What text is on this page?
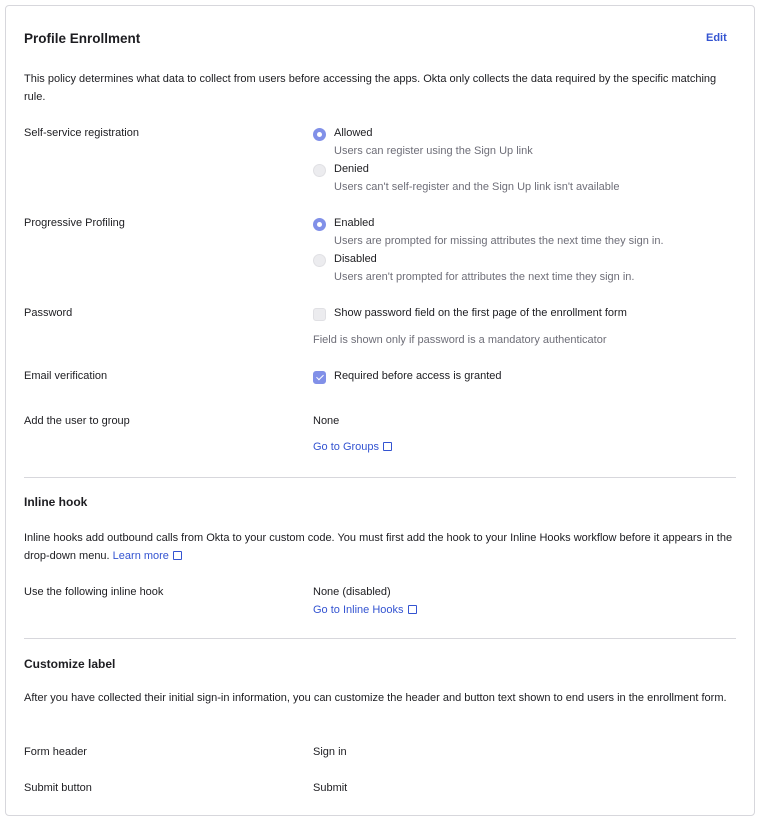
Profile Enrollment	Edit
This policy determines what data to collect from users before accessing the apps. Okta only collects the data required by the specific matching rule.
Self-service registration	Allowed
Users can register using the Sign Up link
Denied
Users can't self-register and the Sign Up link isn't available
Progressive Profiling	Enabled
Users are prompted for missing attributes the next time they sign in.
Disabled
Users aren't prompted for attributes the next time they sign in.
Password	Show password field on the first page of the enrollment form
Field is shown only if password is a mandatory authenticator
Email verification	Required before access is granted
Add the user to group	None
Go to Groups
Inline hook
Inline hooks add outbound calls from Okta to your custom code. You must first add the hook to your Inline Hooks workflow before it appears in the drop-down menu. Learn more
Use the following inline hook	None (disabled)
Go to Inline Hooks
Customize label
After you have collected their initial sign-in information, you can customize the header and button text shown to end users in the enrollment form.
Form header	Sign in
Submit button	Submit
